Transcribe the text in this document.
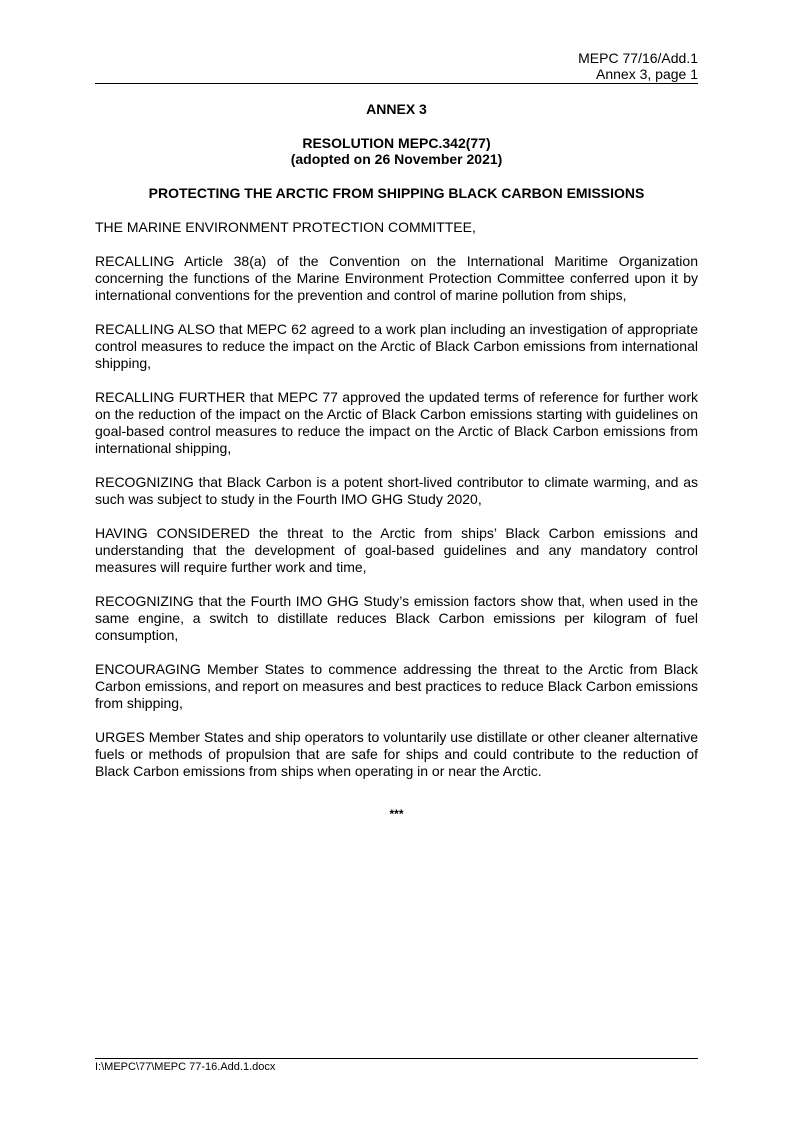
MEPC 77/16/Add.1
Annex 3, page 1
ANNEX 3
RESOLUTION MEPC.342(77)
(adopted on 26 November 2021)
PROTECTING THE ARCTIC FROM SHIPPING BLACK CARBON EMISSIONS

THE MARINE ENVIRONMENT PROTECTION COMMITTEE,

RECALLING Article 38(a) of the Convention on the International Maritime Organization concerning the functions of the Marine Environment Protection Committee conferred upon it by international conventions for the prevention and control of marine pollution from ships,

RECALLING ALSO that MEPC 62 agreed to a work plan including an investigation of appropriate control measures to reduce the impact on the Arctic of Black Carbon emissions from international shipping,

RECALLING FURTHER that MEPC 77 approved the updated terms of reference for further work on the reduction of the impact on the Arctic of Black Carbon emissions starting with guidelines on goal-based control measures to reduce the impact on the Arctic of Black Carbon emissions from international shipping,

RECOGNIZING that Black Carbon is a potent short-lived contributor to climate warming, and as such was subject to study in the Fourth IMO GHG Study 2020,

HAVING CONSIDERED the threat to the Arctic from ships’ Black Carbon emissions and understanding that the development of goal-based guidelines and any mandatory control measures will require further work and time,

RECOGNIZING that the Fourth IMO GHG Study’s emission factors show that, when used in the same engine, a switch to distillate reduces Black Carbon emissions per kilogram of fuel consumption,

ENCOURAGING Member States to commence addressing the threat to the Arctic from Black Carbon emissions, and report on measures and best practices to reduce Black Carbon emissions from shipping,

URGES Member States and ship operators to voluntarily use distillate or other cleaner alternative fuels or methods of propulsion that are safe for ships and could contribute to the reduction of Black Carbon emissions from ships when operating in or near the Arctic.

***
I:\MEPC\77\MEPC 77-16.Add.1.docx
